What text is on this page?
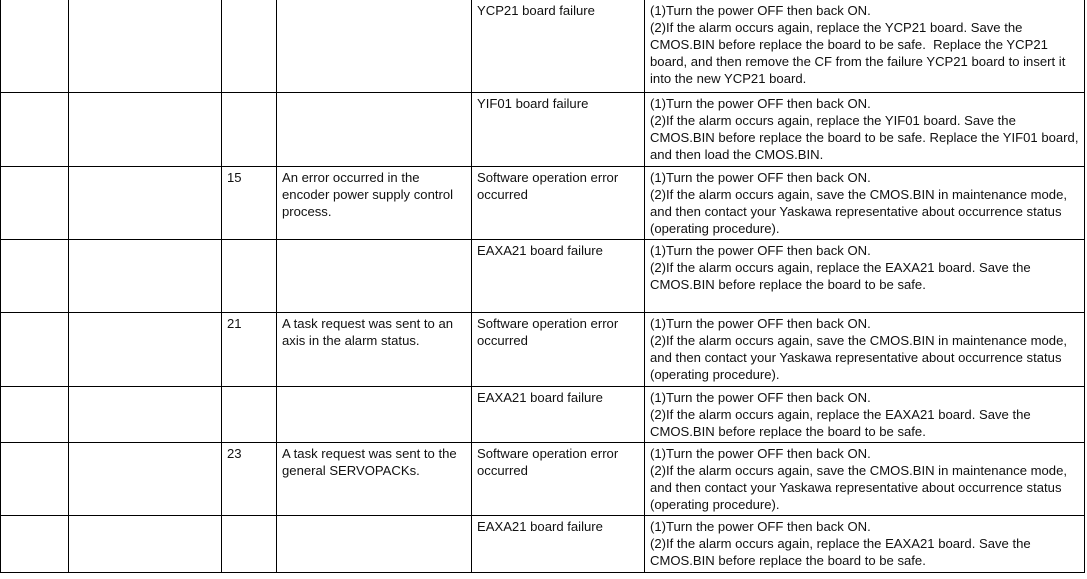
				YCP21 board failure	(1)Turn the power OFF then back ON.
(2)If the alarm occurs again, replace the YCP21 board. Save the CMOS.BIN before replace the board to be safe.  Replace the YCP21 board, and then remove the CF from the failure YCP21 board to insert it into the new YCP21 board.
				YIF01 board failure	(1)Turn the power OFF then back ON.
(2)If the alarm occurs again, replace the YIF01 board. Save the CMOS.BIN before replace the board to be safe. Replace the YIF01 board, and then load the CMOS.BIN.
		15	An error occurred in the encoder power supply control process.	Software operation error occurred	(1)Turn the power OFF then back ON.
(2)If the alarm occurs again, save the CMOS.BIN in maintenance mode, and then contact your Yaskawa representative about occurrence status (operating procedure).
				EAXA21 board failure	(1)Turn the power OFF then back ON.
(2)If the alarm occurs again, replace the EAXA21 board. Save the CMOS.BIN before replace the board to be safe.
		21	A task request was sent to an axis in the alarm status.	Software operation error occurred	(1)Turn the power OFF then back ON.
(2)If the alarm occurs again, save the CMOS.BIN in maintenance mode, and then contact your Yaskawa representative about occurrence status (operating procedure).
				EAXA21 board failure	(1)Turn the power OFF then back ON.
(2)If the alarm occurs again, replace the EAXA21 board. Save the CMOS.BIN before replace the board to be safe.
		23	A task request was sent to the general SERVOPACKs.	Software operation error occurred	(1)Turn the power OFF then back ON.
(2)If the alarm occurs again, save the CMOS.BIN in maintenance mode, and then contact your Yaskawa representative about occurrence status (operating procedure).
				EAXA21 board failure	(1)Turn the power OFF then back ON.
(2)If the alarm occurs again, replace the EAXA21 board. Save the CMOS.BIN before replace the board to be safe.
